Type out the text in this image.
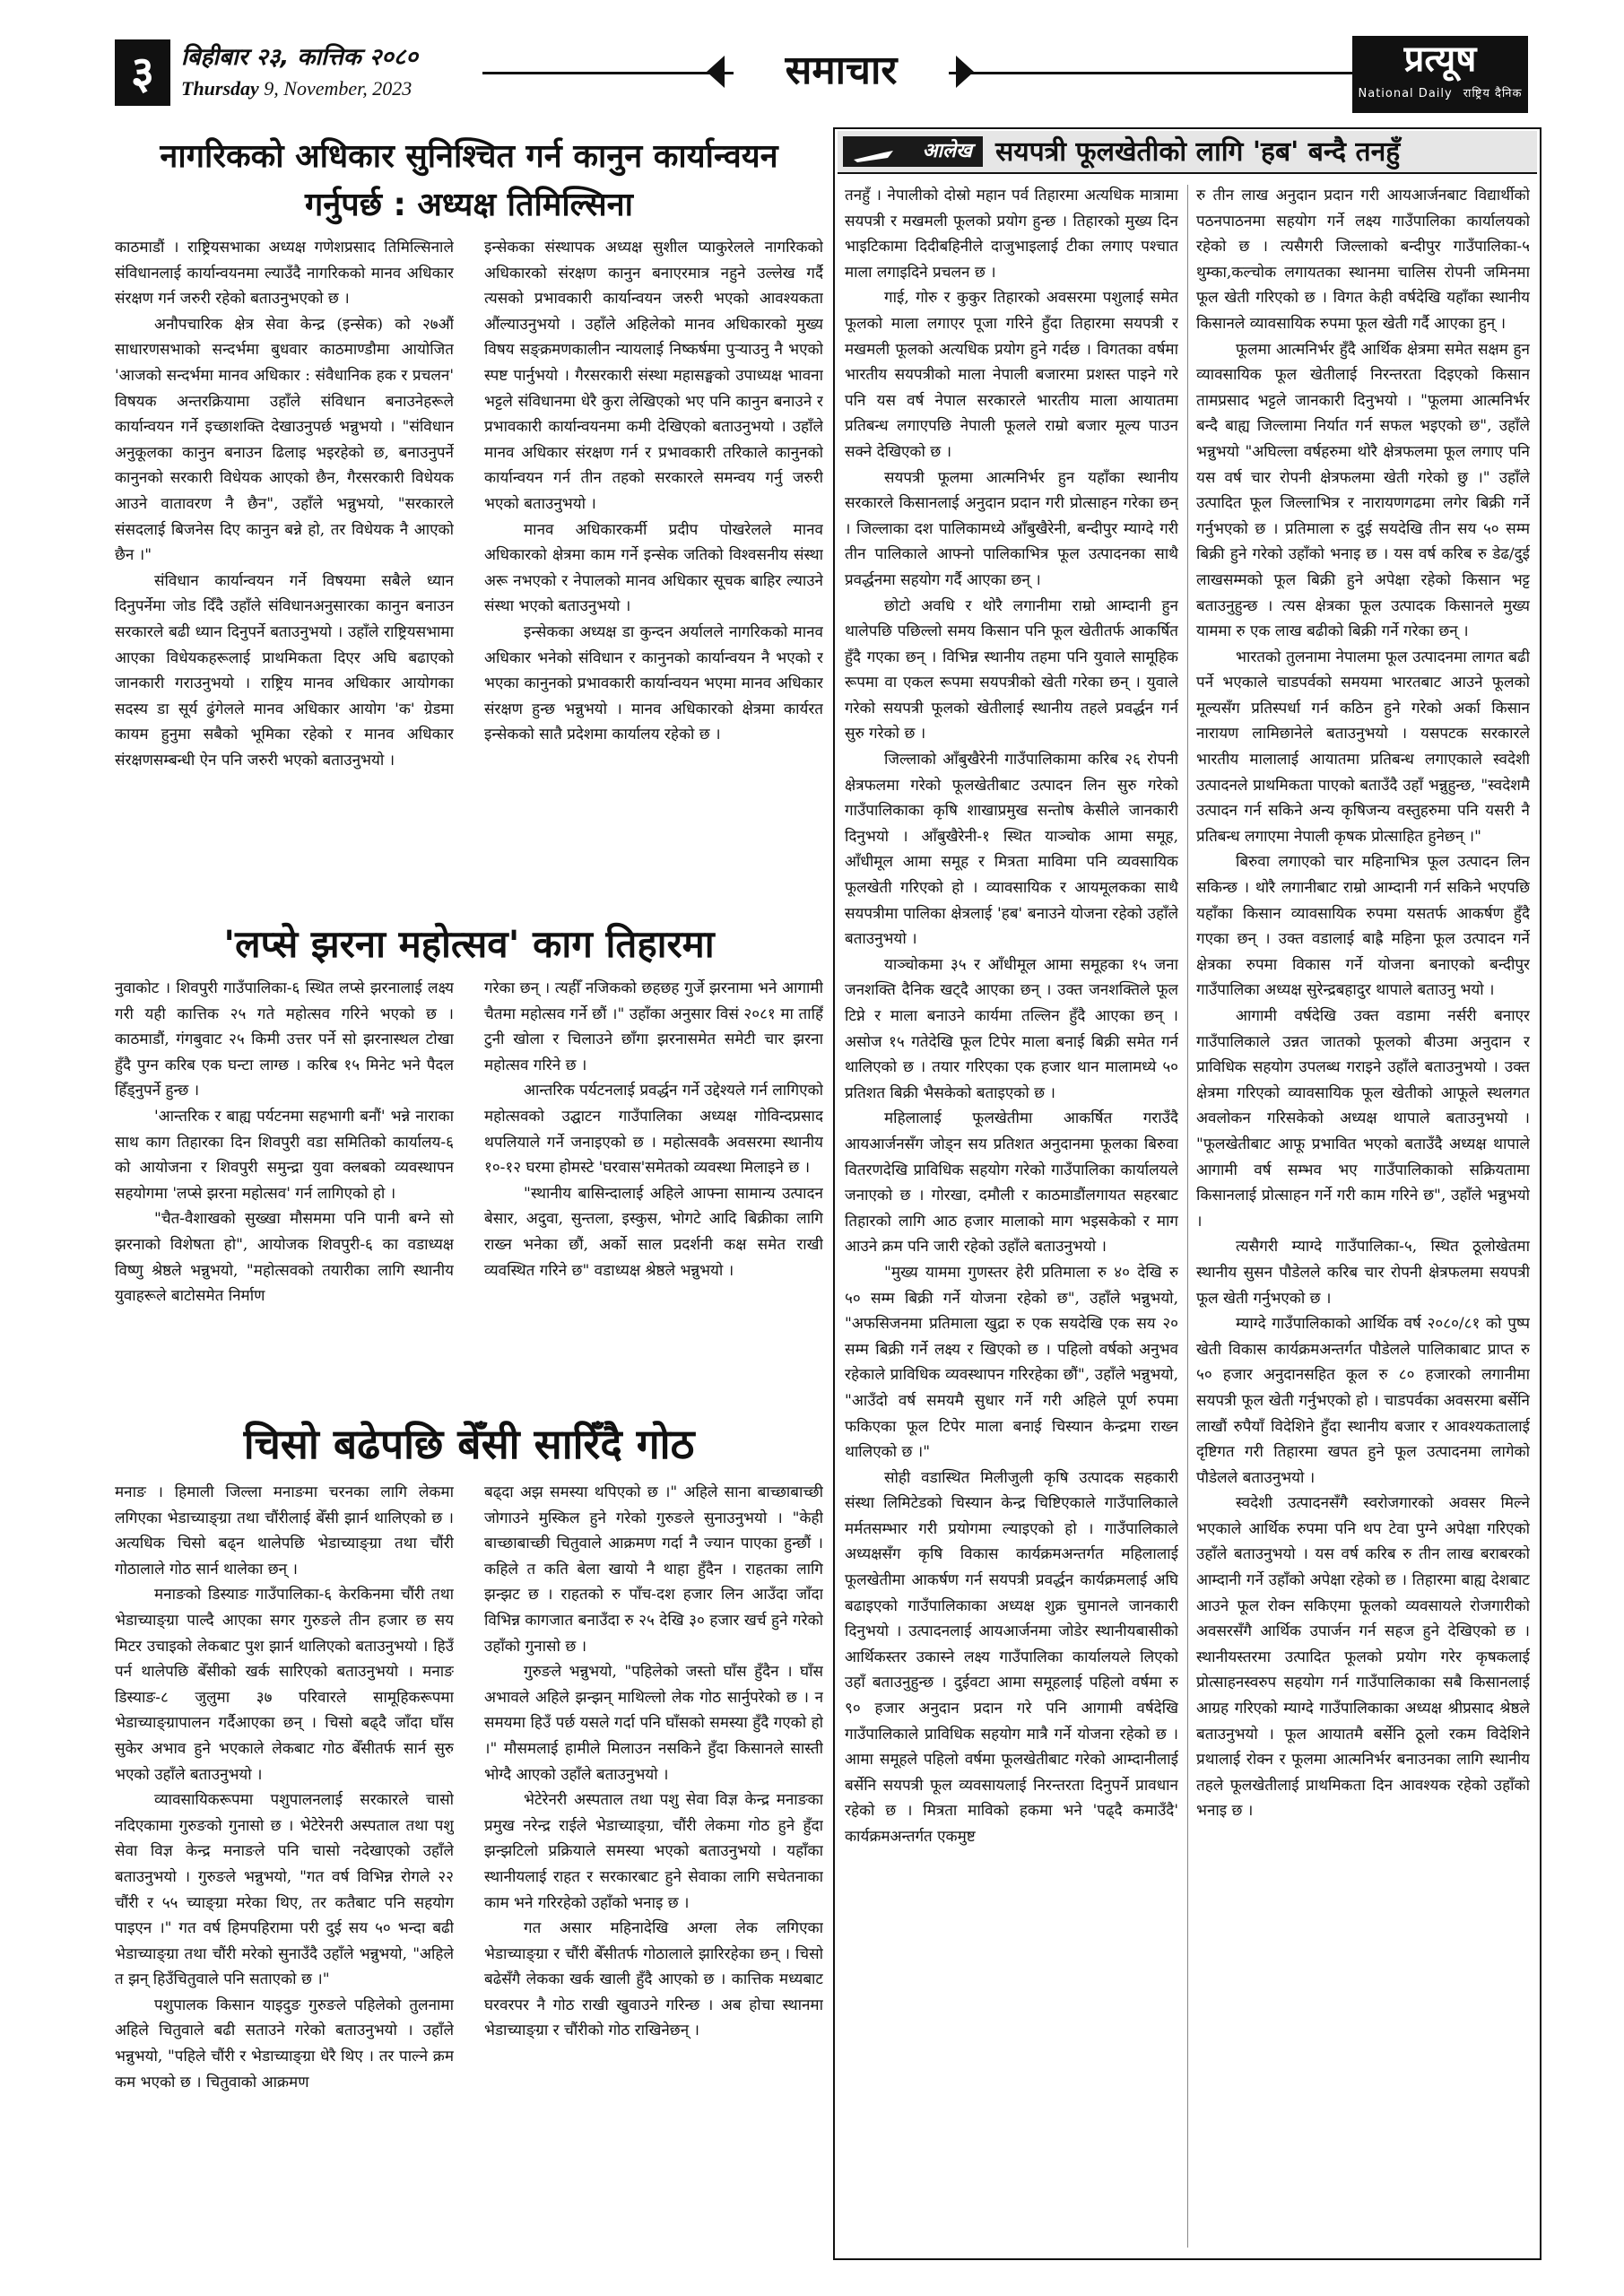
३	बिहीबार २३, कात्तिक २०८०
Thursday 9, November, 2023	समाचार	प्रत्यूष
National Daily राष्ट्रिय दैनिक
नागरिकको अधिकार सुनिश्चित गर्न कानुन कार्यान्वयन
गर्नुपर्छ : अध्यक्ष तिमिल्सिना

काठमाडौं । राष्ट्रियसभाका अध्यक्ष गणेशप्रसाद तिमिल्सिनाले संविधानलाई कार्यान्वयनमा ल्याउँदै नागरिकको मानव अधिकार संरक्षण गर्न जरुरी रहेको बताउनुभएको छ ।

अनौपचारिक क्षेत्र सेवा केन्द्र (इन्सेक) को २७औं साधारणसभाको सन्दर्भमा बुधवार काठमाण्डौमा आयोजित 'आजको सन्दर्भमा मानव अधिकार : संवैधानिक हक र प्रचलन' विषयक अन्तरक्रियामा उहाँले संविधान बनाउनेहरूले कार्यान्वयन गर्ने इच्छाशक्ति देखाउनुपर्छ भन्नुभयो । "संविधान अनुकूलका कानुन बनाउन ढिलाइ भइरहेको छ, बनाउनुपर्ने कानुनको सरकारी विधेयक आएको छैन, गैरसरकारी विधेयक आउने वातावरण नै छैन", उहाँले भन्नुभयो, "सरकारले संसदलाई बिजनेस दिए कानुन बन्ने हो, तर विधेयक नै आएको छैन ।"

संविधान कार्यान्वयन गर्ने विषयमा सबैले ध्यान दिनुपर्नेमा जोड दिँदै उहाँले संविधानअनुसारका कानुन बनाउन सरकारले बढी ध्यान दिनुपर्ने बताउनुभयो । उहाँले राष्ट्रियसभामा आएका विधेयकहरूलाई प्राथमिकता दिएर अघि बढाएको जानकारी गराउनुभयो । राष्ट्रिय मानव अधिकार आयोगका सदस्य डा सूर्य ढुंगेलले मानव अधिकार आयोग 'क' ग्रेडमा कायम हुनुमा सबैको भूमिका रहेको र मानव अधिकार संरक्षणसम्बन्धी ऐन पनि जरुरी भएको बताउनुभयो ।

इन्सेकका संस्थापक अध्यक्ष सुशील प्याकुरेलले नागरिकको अधिकारको संरक्षण कानुन बनाएरमात्र नहुने उल्लेख गर्दै त्यसको प्रभावकारी कार्यान्वयन जरुरी भएको आवश्यकता औंल्याउनुभयो । उहाँले अहिलेको मानव अधिकारको मुख्य विषय सङ्क्रमणकालीन न्यायलाई निष्कर्षमा पुऱ्याउनु नै भएको स्पष्ट पार्नुभयो । गैरसरकारी संस्था महासङ्घको उपाध्यक्ष भावना भट्टले संविधानमा धेरै कुरा लेखिएको भए पनि कानुन बनाउने र प्रभावकारी कार्यान्वयनमा कमी देखिएको बताउनुभयो । उहाँले मानव अधिकार संरक्षण गर्न र प्रभावकारी तरिकाले कानुनको कार्यान्वयन गर्न तीन तहको सरकारले समन्वय गर्नु जरुरी भएको बताउनुभयो ।

मानव अधिकारकर्मी प्रदीप पोखरेलले मानव अधिकारको क्षेत्रमा काम गर्ने इन्सेक जतिको विश्वसनीय संस्था अरू नभएको र नेपालको मानव अधिकार सूचक बाहिर ल्याउने संस्था भएको बताउनुभयो ।

इन्सेकका अध्यक्ष डा कुन्दन अर्यालले नागरिकको मानव अधिकार भनेको संविधान र कानुनको कार्यान्वयन नै भएको र भएका कानुनको प्रभावकारी कार्यान्वयन भएमा मानव अधिकार संरक्षण हुन्छ भन्नुभयो । मानव अधिकारको क्षेत्रमा कार्यरत इन्सेकको सातै प्रदेशमा कार्यालय रहेको छ ।

'लप्से झरना महोत्सव' काग तिहारमा

नुवाकोट । शिवपुरी गाउँपालिका-६ स्थित लप्से झरनालाई लक्ष्य गरी यही कात्तिक २५ गते महोत्सव गरिने भएको छ । काठमाडौं, गंगबुवाट २५ किमी उत्तर पर्ने सो झरनास्थल टोखा हुँदै पुग्न करिब एक घन्टा लाग्छ । करिब १५ मिनेट भने पैदल हिँड्नुपर्ने हुन्छ ।

'आन्तरिक र बाह्य पर्यटनमा सहभागी बनौं' भन्ने नाराका साथ काग तिहारका दिन शिवपुरी वडा समितिको कार्यालय-६ को आयोजना र शिवपुरी समुन्द्रा युवा क्लबको व्यवस्थापन सहयोगमा 'लप्से झरना महोत्सव' गर्न लागिएको हो ।

"चैत-वैशाखको सुख्खा मौसममा पनि पानी बग्ने सो झरनाको विशेषता हो", आयोजक शिवपुरी-६ का वडाध्यक्ष विष्णु श्रेष्ठले भन्नुभयो, "महोत्सवको तयारीका लागि स्थानीय युवाहरूले बाटोसमेत निर्माण

गरेका छन् । त्यहीँ नजिकको छहछह गुर्जे झरनामा भने आगामी चैतमा महोत्सव गर्ने छौं ।" उहाँका अनुसार विसं २०८१ मा ताहिँ टुनी खोला र चिलाउने छाँगा झरनासमेत समेटी चार झरना महोत्सव गरिने छ ।

आन्तरिक पर्यटनलाई प्रवर्द्धन गर्ने उद्देश्यले गर्न लागिएको महोत्सवको उद्घाटन गाउँपालिका अध्यक्ष गोविन्दप्रसाद थपलियाले गर्ने जनाइएको छ । महोत्सवकै अवसरमा स्थानीय १०-१२ घरमा होमस्टे 'घरवास'समेतको व्यवस्था मिलाइने छ ।

"स्थानीय बासिन्दालाई अहिले आफ्ना सामान्य उत्पादन बेसार, अदुवा, सुन्तला, इस्कुस, भोगटे आदि बिक्रीका लागि राख्न भनेका छौं, अर्को साल प्रदर्शनी कक्ष समेत राखी व्यवस्थित गरिने छ" वडाध्यक्ष श्रेष्ठले भन्नुभयो ।

चिसो बढेपछि बेँसी सारिँदै गोठ

मनाङ । हिमाली जिल्ला मनाङमा चरनका लागि लेकमा लगिएका भेडाच्याङ्ग्रा तथा चौंरीलाई बेँसी झार्न थालिएको छ । अत्यधिक चिसो बढ्न थालेपछि भेडाच्याङ्ग्रा तथा चौंरी गोठालाले गोठ सार्न थालेका छन् ।

मनाङको डिस्याङ गाउँपालिका-६ केरकिनमा चौंरी तथा भेडाच्याङ्ग्रा पाल्दै आएका सगर गुरुङले तीन हजार छ सय मिटर उचाइको लेकबाट पुश झार्न थालिएको बताउनुभयो । हिउँ पर्न थालेपछि बेँसीको खर्क सारिएको बताउनुभयो । मनाङ डिस्याङ-८ जुलुमा ३७ परिवारले सामूहिकरूपमा भेडाच्याङ्ग्रापालन गर्दैआएका छन् । चिसो बढ्दै जाँदा घाँस सुकेर अभाव हुने भएकाले लेकबाट गोठ बेँसीतर्फ सार्न सुरु भएको उहाँले बताउनुभयो ।

व्यावसायिकरूपमा पशुपालनलाई सरकारले चासो नदिएकामा गुरुङको गुनासो छ । भेटेरेनरी अस्पताल तथा पशु सेवा विज्ञ केन्द्र मनाङले पनि चासो नदेखाएको उहाँले बताउनुभयो । गुरुङले भन्नुभयो, "गत वर्ष विभिन्न रोगले २२ चौंरी र ५५ च्याङ्ग्रा मरेका थिए, तर कतैबाट पनि सहयोग पाइएन ।" गत वर्ष हिमपहिरामा परी दुई सय ५० भन्दा बढी भेडाच्याङ्ग्रा तथा चौंरी मरेको सुनाउँदै उहाँले भन्नुभयो, "अहिले त झन् हिउँचितुवाले पनि सताएको छ ।"

पशुपालक किसान याइदुङ गुरुङले पहिलेको तुलनामा अहिले चितुवाले बढी सताउने गरेको बताउनुभयो । उहाँले भन्नुभयो, "पहिले चौंरी र भेडाच्याङ्ग्रा धेरै थिए । तर पाल्ने क्रम कम भएको छ । चितुवाको आक्रमण

बढ्दा अझ समस्या थपिएको छ ।" अहिले साना बाच्छाबाच्छी जोगाउने मुस्किल हुने गरेको गुरुङले सुनाउनुभयो । "केही बाच्छाबाच्छी चितुवाले आक्रमण गर्दा नै ज्यान पाएका हुन्छौं । कहिले त कति बेला खायो नै थाहा हुँदैन । राहतका लागि झन्झट छ । राहतको रु पाँच-दश हजार लिन आउँदा जाँदा विभिन्न कागजात बनाउँदा रु २५ देखि ३० हजार खर्च हुने गरेको उहाँको गुनासो छ ।

गुरुङले भन्नुभयो, "पहिलेको जस्तो घाँस हुँदैन । घाँस अभावले अहिले झन्झन् माथिल्लो लेक गोठ सार्नुपरेको छ । न समयमा हिउँ पर्छ यसले गर्दा पनि घाँसको समस्या हुँदै गएको हो ।" मौसमलाई हामीले मिलाउन नसकिने हुँदा किसानले सास्ती भोग्दै आएको उहाँले बताउनुभयो ।

भेटेरेनरी अस्पताल तथा पशु सेवा विज्ञ केन्द्र मनाङका प्रमुख नरेन्द्र राईले भेडाच्याङ्ग्रा, चौंरी लेकमा गोठ हुने हुँदा झन्झटिलो प्रक्रियाले समस्या भएको बताउनुभयो । यहाँका स्थानीयलाई राहत र सरकारबाट हुने सेवाका लागि सचेतनाका काम भने गरिरहेको उहाँको भनाइ छ ।

गत असार महिनादेखि अग्ला लेक लगिएका भेडाच्याङ्ग्रा र चौंरी बेँसीतर्फ गोठालाले झारिरहेका छन् । चिसो बढेसँगै लेकका खर्क खाली हुँदै आएको छ । कात्तिक मध्यबाट घरवरपर नै गोठ राखी खुवाउने गरिन्छ । अब होचा स्थानमा भेडाच्याङ्ग्रा र चौंरीको गोठ राखिनेछन् ।

आलेख सयपत्री फूलखेतीको लागि 'हब' बन्दै तनहुँ

तनहुँ । नेपालीको दोस्रो महान पर्व तिहारमा अत्यधिक मात्रामा सयपत्री र मखमली फूलको प्रयोग हुन्छ । तिहारको मुख्य दिन भाइटिकामा दिदीबहिनीले दाजुभाइलाई टीका लगाए पश्चात माला लगाइदिने प्रचलन छ ।

गाई, गोरु र कुकुर तिहारको अवसरमा पशुलाई समेत फूलको माला लगाएर पूजा गरिने हुँदा तिहारमा सयपत्री र मखमली फूलको अत्यधिक प्रयोग हुने गर्दछ । विगतका वर्षमा भारतीय सयपत्रीको माला नेपाली बजारमा प्रशस्त पाइने गरे पनि यस वर्ष नेपाल सरकारले भारतीय माला आयातमा प्रतिबन्ध लगाएपछि नेपाली फूलले राम्रो बजार मूल्य पाउन सक्ने देखिएको छ ।

सयपत्री फूलमा आत्मनिर्भर हुन यहाँका स्थानीय सरकारले किसानलाई अनुदान प्रदान गरी प्रोत्साहन गरेका छन् । जिल्लाका दश पालिकामध्ये आँबुखैरेनी, बन्दीपुर म्याग्दे गरी तीन पालिकाले आफ्नो पालिकाभित्र फूल उत्पादनका साथै प्रवर्द्धनमा सहयोग गर्दै आएका छन् ।

छोटो अवधि र थोरै लगानीमा राम्रो आम्दानी हुन थालेपछि पछिल्लो समय किसान पनि फूल खेतीतर्फ आकर्षित हुँदै गएका छन् । विभिन्न स्थानीय तहमा पनि युवाले सामूहिक रूपमा वा एकल रूपमा सयपत्रीको खेती गरेका छन् । युवाले गरेको सयपत्री फूलको खेतीलाई स्थानीय तहले प्रवर्द्धन गर्न सुरु गरेको छ ।

जिल्लाको आँबुखैरेनी गाउँपालिकामा करिब २६ रोपनी क्षेत्रफलमा गरेको फूलखेतीबाट उत्पादन लिन सुरु गरेको गाउँपालिकाका कृषि शाखाप्रमुख सन्तोष केसीले जानकारी दिनुभयो । आँबुखैरेनी-१ स्थित याञ्चोक आमा समूह, आँधीमूल आमा समूह र मित्रता माविमा पनि व्यवसायिक फूलखेती गरिएको हो । व्यावसायिक र आयमूलकका साथै सयपत्रीमा पालिका क्षेत्रलाई 'हब' बनाउने योजना रहेको उहाँले बताउनुभयो ।

याञ्चोकमा ३५ र आँधीमूल आमा समूहका १५ जना जनशक्ति दैनिक खट्दै आएका छन् । उक्त जनशक्तिले फूल टिप्ने र माला बनाउने कार्यमा तल्लिन हुँदै आएका छन् । असोज १५ गतेदेखि फूल टिपेर माला बनाई बिक्री समेत गर्न थालिएको छ । तयार गरिएका एक हजार थान मालामध्ये ५० प्रतिशत बिक्री भैसकेको बताइएको छ ।

महिलालाई फूलखेतीमा आकर्षित गराउँदै आयआर्जनसँग जोड्न सय प्रतिशत अनुदानमा फूलका बिरुवा वितरणदेखि प्राविधिक सहयोग गरेको गाउँपालिका कार्यालयले जनाएको छ । गोरखा, दमौली र काठमाडौंलगायत सहरबाट तिहारको लागि आठ हजार मालाको माग भइसकेको र माग आउने क्रम पनि जारी रहेको उहाँले बताउनुभयो ।

"मुख्य याममा गुणस्तर हेरी प्रतिमाला रु ४० देखि रु ५० सम्म बिक्री गर्ने योजना रहेको छ", उहाँले भन्नुभयो, "अफसिजनमा प्रतिमाला खुद्रा रु एक सयदेखि एक सय २० सम्म बिक्री गर्ने लक्ष्य र खिएको छ । पहिलो वर्षको अनुभव रहेकाले प्राविधिक व्यवस्थापन गरिरहेका छौं", उहाँले भन्नुभयो, "आउँदो वर्ष समयमै सुधार गर्ने गरी अहिले पूर्ण रुपमा फकिएका फूल टिपेर माला बनाई चिस्यान केन्द्रमा राख्न थालिएको छ ।"

सोही वडास्थित मिलीजुली कृषि उत्पादक सहकारी संस्था लिमिटेडको चिस्यान केन्द्र चिष्टिएकाले गाउँपालिकाले मर्मतसम्भार गरी प्रयोगमा ल्याइएको हो । गाउँपालिकाले अध्यक्षसँग कृषि विकास कार्यक्रमअन्तर्गत महिलालाई फूलखेतीमा आकर्षण गर्न सयपत्री प्रवर्द्धन कार्यक्रमलाई अघि बढाइएको गाउँपालिकाका अध्यक्ष शुक्र चुमानले जानकारी दिनुभयो । उत्पादनलाई आयआर्जनमा जोडेर स्थानीयबासीको आर्थिकस्तर उकास्ने लक्ष्य गाउँपालिका कार्यालयले लिएको उहाँ बताउनुहुन्छ । दुईवटा आमा समूहलाई पहिलो वर्षमा रु ९० हजार अनुदान प्रदान गरे पनि आगामी वर्षदेखि गाउँपालिकाले प्राविधिक सहयोग मात्रै गर्ने योजना रहेको छ । आमा समूहले पहिलो वर्षमा फूलखेतीबाट गरेको आम्दानीलाई बर्सेनि सयपत्री फूल व्यवसायलाई निरन्तरता दिनुपर्ने प्रावधान रहेको छ । मित्रता माविको हकमा भने 'पढ्दै कमाउँदै' कार्यक्रमअन्तर्गत एकमुष्ट

रु तीन लाख अनुदान प्रदान गरी आयआर्जनबाट विद्यार्थीको पठनपाठनमा सहयोग गर्ने लक्ष्य गाउँपालिका कार्यालयको रहेको छ । त्यसैगरी जिल्लाको बन्दीपुर गाउँपालिका-५ थुम्का,कल्चोक लगायतका स्थानमा चालिस रोपनी जमिनमा फूल खेती गरिएको छ । विगत केही वर्षदेखि यहाँका स्थानीय किसानले व्यावसायिक रुपमा फूल खेती गर्दै आएका हुन् ।

फूलमा आत्मनिर्भर हुँदै आर्थिक क्षेत्रमा समेत सक्षम हुन व्यावसायिक फूल खेतीलाई निरन्तरता दिइएको किसान तामप्रसाद भट्टले जानकारी दिनुभयो । "फूलमा आत्मनिर्भर बन्दै बाह्य जिल्लामा निर्यात गर्न सफल भइएको छ", उहाँले भन्नुभयो "अघिल्ला वर्षहरुमा थोरै क्षेत्रफलमा फूल लगाए पनि यस वर्ष चार रोपनी क्षेत्रफलमा खेती गरेको छु ।" उहाँले उत्पादित फूल जिल्लाभित्र र नारायणगढमा लगेर बिक्री गर्ने गर्नुभएको छ । प्रतिमाला रु दुई सयदेखि तीन सय ५० सम्म बिक्री हुने गरेको उहाँको भनाइ छ । यस वर्ष करिब रु डेढ/दुई लाखसम्मको फूल बिक्री हुने अपेक्षा रहेको किसान भट्ट बताउनुहुन्छ । त्यस क्षेत्रका फूल उत्पादक किसानले मुख्य याममा रु एक लाख बढीको बिक्री गर्ने गरेका छन् ।

भारतको तुलनामा नेपालमा फूल उत्पादनमा लागत बढी पर्ने भएकाले चाडपर्वको समयमा भारतबाट आउने फूलको मूल्यसँग प्रतिस्पर्धा गर्न कठिन हुने गरेको अर्का किसान नारायण लामिछानेले बताउनुभयो । यसपटक सरकारले भारतीय मालालाई आयातमा प्रतिबन्ध लगाएकाले स्वदेशी उत्पादनले प्राथमिकता पाएको बताउँदै उहाँ भन्नुहुन्छ, "स्वदेशमै उत्पादन गर्न सकिने अन्य कृषिजन्य वस्तुहरुमा पनि यसरी नै प्रतिबन्ध लगाएमा नेपाली कृषक प्रोत्साहित हुनेछन् ।"

बिरुवा लगाएको चार महिनाभित्र फूल उत्पादन लिन सकिन्छ । थोरै लगानीबाट राम्रो आम्दानी गर्न सकिने भएपछि यहाँका किसान व्यावसायिक रुपमा यसतर्फ आकर्षण हुँदै गएका छन् । उक्त वडालाई बाह्रै महिना फूल उत्पादन गर्ने क्षेत्रका रुपमा विकास गर्ने योजना बनाएको बन्दीपुर गाउँपालिका अध्यक्ष सुरेन्द्रबहादुर थापाले बताउनु भयो ।

आगामी वर्षदेखि उक्त वडामा नर्सरी बनाएर गाउँपालिकाले उन्नत जातको फूलको बीउमा अनुदान र प्राविधिक सहयोग उपलब्ध गराइने उहाँले बताउनुभयो । उक्त क्षेत्रमा गरिएको व्यावसायिक फूल खेतीको आफूले स्थलगत अवलोकन गरिसकेको अध्यक्ष थापाले बताउनुभयो । "फूलखेतीबाट आफू प्रभावित भएको बताउँदै अध्यक्ष थापाले आगामी वर्ष सम्भव भए गाउँपालिकाको सक्रियतामा किसानलाई प्रोत्साहन गर्ने गरी काम गरिने छ", उहाँले भन्नुभयो ।

त्यसैगरी म्याग्दे गाउँपालिका-५, स्थित ठूलोखेतमा स्थानीय सुसन पौडेलले करिब चार रोपनी क्षेत्रफलमा सयपत्री फूल खेती गर्नुभएको छ ।

म्याग्दे गाउँपालिकाको आर्थिक वर्ष २०८०/८१ को पुष्प खेती विकास कार्यक्रमअन्तर्गत पौडेलले पालिकाबाट प्राप्त रु ५० हजार अनुदानसहित कूल रु ८० हजारको लगानीमा सयपत्री फूल खेती गर्नुभएको हो । चाडपर्वका अवसरमा बर्सेनि लाखौं रुपैयाँ विदेशिने हुँदा स्थानीय बजार र आवश्यकतालाई दृष्टिगत गरी तिहारमा खपत हुने फूल उत्पादनमा लागेको पौडेलले बताउनुभयो ।

स्वदेशी उत्पादनसँगै स्वरोजगारको अवसर मिल्ने भएकाले आर्थिक रुपमा पनि थप टेवा पुग्ने अपेक्षा गरिएको उहाँले बताउनुभयो । यस वर्ष करिब रु तीन लाख बराबरको आम्दानी गर्ने उहाँको अपेक्षा रहेको छ । तिहारमा बाह्य देशबाट आउने फूल रोक्न सकिएमा फूलको व्यवसायले रोजगारीको अवसरसँगै आर्थिक उपार्जन गर्न सहज हुने देखिएको छ । स्थानीयस्तरमा उत्पादित फूलको प्रयोग गरेर कृषकलाई प्रोत्साहनस्वरुप सहयोग गर्न गाउँपालिकाका सबै किसानलाई आग्रह गरिएको म्याग्दे गाउँपालिकाका अध्यक्ष श्रीप्रसाद श्रेष्ठले बताउनुभयो । फूल आयातमै बर्सेनि ठूलो रकम विदेशिने प्रथालाई रोक्न र फूलमा आत्मनिर्भर बनाउनका लागि स्थानीय तहले फूलखेतीलाई प्राथमिकता दिन आवश्यक रहेको उहाँको भनाइ छ ।
